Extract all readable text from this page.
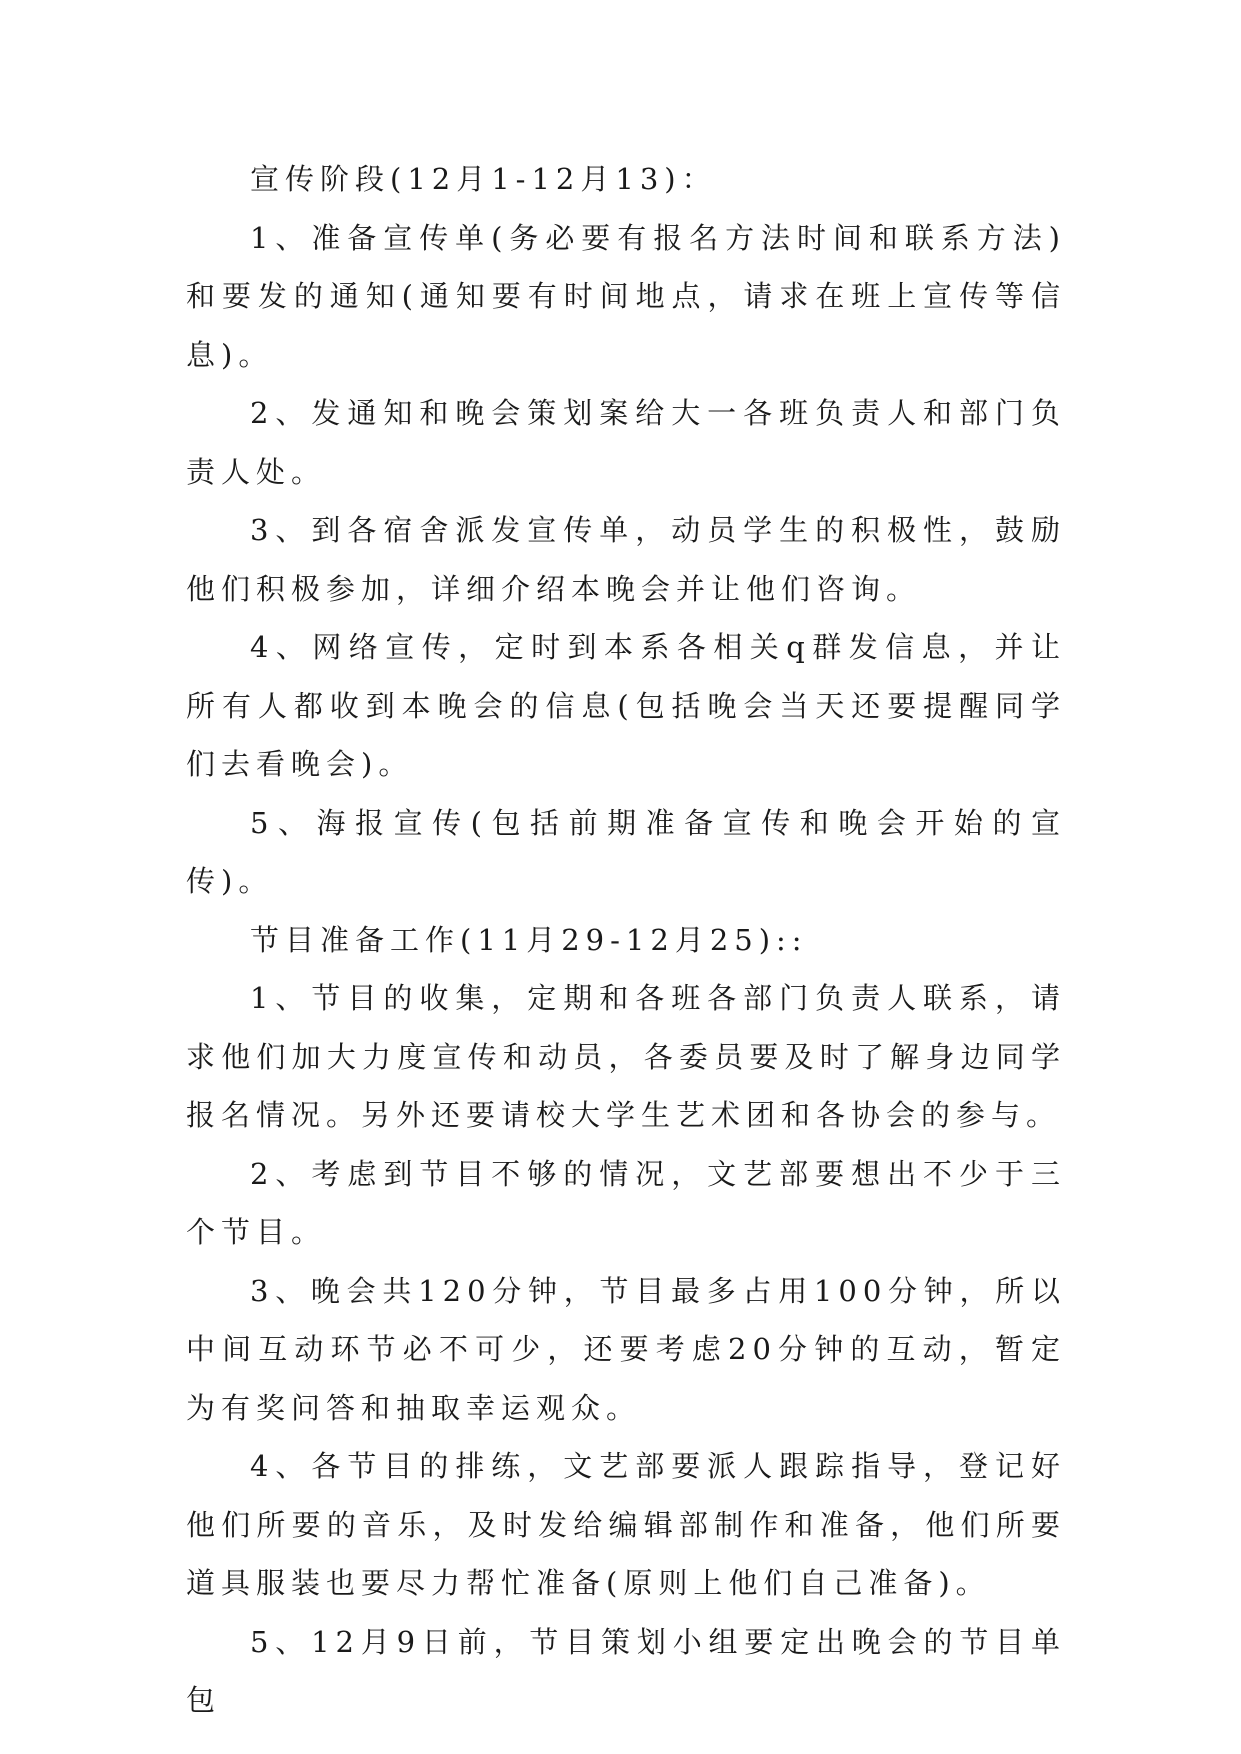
宣传阶段(12月1-12月13)：

1、准备宣传单(务必要有报名方法时间和联系方法)和要发的通知(通知要有时间地点，请求在班上宣传等信息)。

2、发通知和晚会策划案给大一各班负责人和部门负责人处。

3、到各宿舍派发宣传单，动员学生的积极性，鼓励他们积极参加，详细介绍本晚会并让他们咨询。

4、网络宣传，定时到本系各相关q群发信息，并让所有人都收到本晚会的信息(包括晚会当天还要提醒同学们去看晚会)。

5、海报宣传(包括前期准备宣传和晚会开始的宣传)。

节目准备工作(11月29-12月25)::

1、节目的收集，定期和各班各部门负责人联系，请求他们加大力度宣传和动员，各委员要及时了解身边同学报名情况。另外还要请校大学生艺术团和各协会的参与。

2、考虑到节目不够的情况，文艺部要想出不少于三个节目。

3、晚会共120分钟，节目最多占用100分钟，所以中间互动环节必不可少，还要考虑20分钟的互动，暂定为有奖问答和抽取幸运观众。

4、各节目的排练，文艺部要派人跟踪指导，登记好他们所要的音乐，及时发给编辑部制作和准备，他们所要道具服装也要尽力帮忙准备(原则上他们自己准备)。

5、12月9日前，节目策划小组要定出晚会的节目单包
